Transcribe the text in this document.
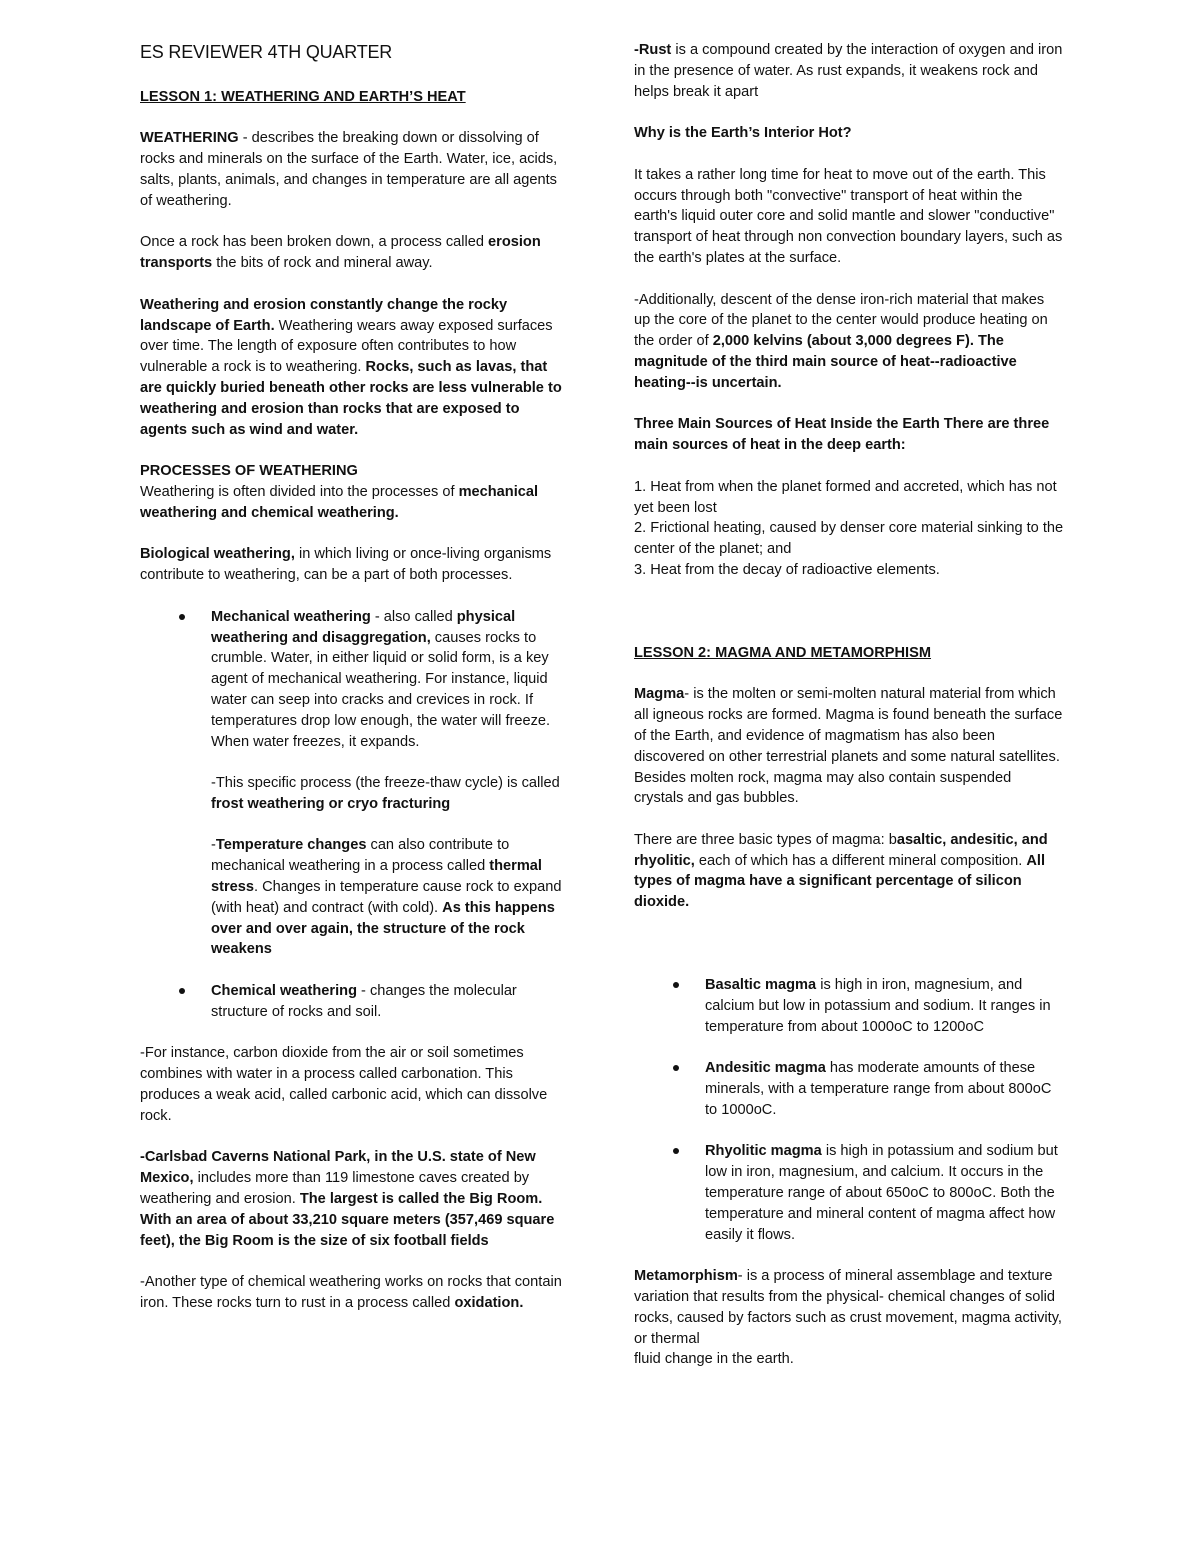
ES REVIEWER 4TH QUARTER
LESSON 1: WEATHERING AND EARTH’S HEAT

WEATHERING - describes the breaking down or dissolving of rocks and minerals on the surface of the Earth. Water, ice, acids, salts, plants, animals, and changes in temperature are all agents of weathering.

Once a rock has been broken down, a process called erosion transports the bits of rock and mineral away.

Weathering and erosion constantly change the rocky landscape of Earth. Weathering wears away exposed surfaces over time. The length of exposure often contributes to how vulnerable a rock is to weathering. Rocks, such as lavas, that are quickly buried beneath other rocks are less vulnerable to weathering and erosion than rocks that are exposed to agents such as wind and water.

PROCESSES OF WEATHERING
Weathering is often divided into the processes of mechanical weathering and chemical weathering.

Biological weathering, in which living or once-living organisms contribute to weathering, can be a part of both processes.

Mechanical weathering - also called physical weathering and disaggregation, causes rocks to crumble. Water, in either liquid or solid form, is a key agent of mechanical weathering. For instance, liquid water can seep into cracks and crevices in rock. If temperatures drop low enough, the water will freeze. When water freezes, it expands.
-This specific process (the freeze-thaw cycle) is called frost weathering or cryo fracturing
-Temperature changes can also contribute to mechanical weathering in a process called thermal stress. Changes in temperature cause rock to expand (with heat) and contract (with cold). As this happens over and over again, the structure of the rock weakens
Chemical weathering - changes the molecular structure of rocks and soil.

-For instance, carbon dioxide from the air or soil sometimes combines with water in a process called carbonation. This produces a weak acid, called carbonic acid, which can dissolve rock.

-Carlsbad Caverns National Park, in the U.S. state of New Mexico, includes more than 119 limestone caves created by weathering and erosion. The largest is called the Big Room. With an area of about 33,210 square meters (357,469 square feet), the Big Room is the size of six football fields

-Another type of chemical weathering works on rocks that contain iron. These rocks turn to rust in a process called oxidation.

-Rust is a compound created by the interaction of oxygen and iron in the presence of water. As rust expands, it weakens rock and helps break it apart

Why is the Earth’s Interior Hot?

It takes a rather long time for heat to move out of the earth. This occurs through both "convective" transport of heat within the earth's liquid outer core and solid mantle and slower "conductive" transport of heat through non convection boundary layers, such as the earth's plates at the surface.

-Additionally, descent of the dense iron-rich material that makes up the core of the planet to the center would produce heating on the order of 2,000 kelvins (about 3,000 degrees F). The magnitude of the third main source of heat--radioactive heating--is uncertain.

Three Main Sources of Heat Inside the Earth There are three main sources of heat in the deep earth:

1. Heat from when the planet formed and accreted, which has not yet been lost
2. Frictional heating, caused by denser core material sinking to the center of the planet; and
3. Heat from the decay of radioactive elements.

LESSON 2: MAGMA AND METAMORPHISM

Magma- is the molten or semi-molten natural material from which all igneous rocks are formed. Magma is found beneath the surface of the Earth, and evidence of magmatism has also been discovered on other terrestrial planets and some natural satellites. Besides molten rock, magma may also contain suspended crystals and gas bubbles.

There are three basic types of magma: basaltic, andesitic, and rhyolitic, each of which has a different mineral composition. All types of magma have a significant percentage of silicon dioxide.

Basaltic magma is high in iron, magnesium, and calcium but low in potassium and sodium. It ranges in temperature from about 1000oC to 1200oC
Andesitic magma has moderate amounts of these minerals, with a temperature range from about 800oC to 1000oC.
Rhyolitic magma is high in potassium and sodium but low in iron, magnesium, and calcium. It occurs in the temperature range of about 650oC to 800oC. Both the temperature and mineral content of magma affect how easily it flows.

Metamorphism- is a process of mineral assemblage and texture variation that results from the physical- chemical changes of solid rocks, caused by factors such as crust movement, magma activity, or thermal
fluid change in the earth.
